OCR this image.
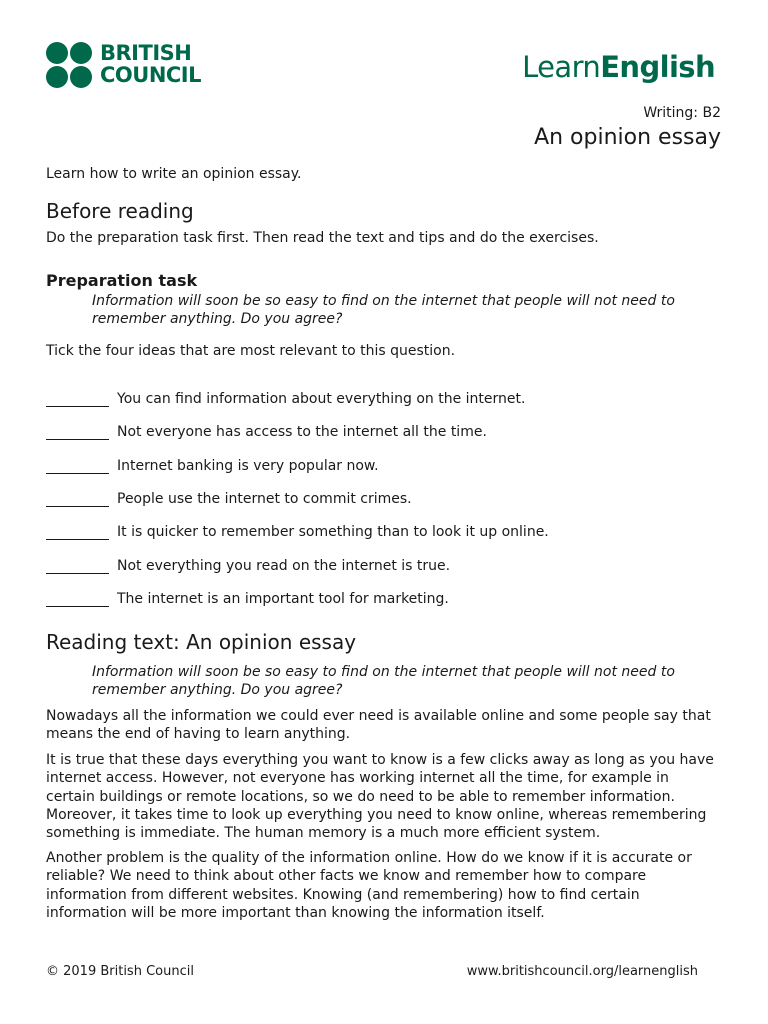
BRITISH
COUNCIL	LearnEnglish
Writing: B2
An opinion essay
Learn how to write an opinion essay.
Before reading
Do the preparation task first. Then read the text and tips and do the exercises.
Preparation task
Information will soon be so easy to find on the internet that people will not need to
remember anything. Do you agree?
Tick the four ideas that are most relevant to this question.
You can find information about everything on the internet.
Not everyone has access to the internet all the time.
Internet banking is very popular now.
People use the internet to commit crimes.
It is quicker to remember something than to look it up online.
Not everything you read on the internet is true.
The internet is an important tool for marketing.
Reading text: An opinion essay
Information will soon be so easy to find on the internet that people will not need to
remember anything. Do you agree?
Nowadays all the information we could ever need is available online and some people say that
means the end of having to learn anything.
It is true that these days everything you want to know is a few clicks away as long as you have
internet access. However, not everyone has working internet all the time, for example in
certain buildings or remote locations, so we do need to be able to remember information.
Moreover, it takes time to look up everything you need to know online, whereas remembering
something is immediate. The human memory is a much more efficient system.
Another problem is the quality of the information online. How do we know if it is accurate or
reliable? We need to think about other facts we know and remember how to compare
information from different websites. Knowing (and remembering) how to find certain
information will be more important than knowing the information itself.
© 2019 British Council	www.britishcouncil.org/learnenglish
